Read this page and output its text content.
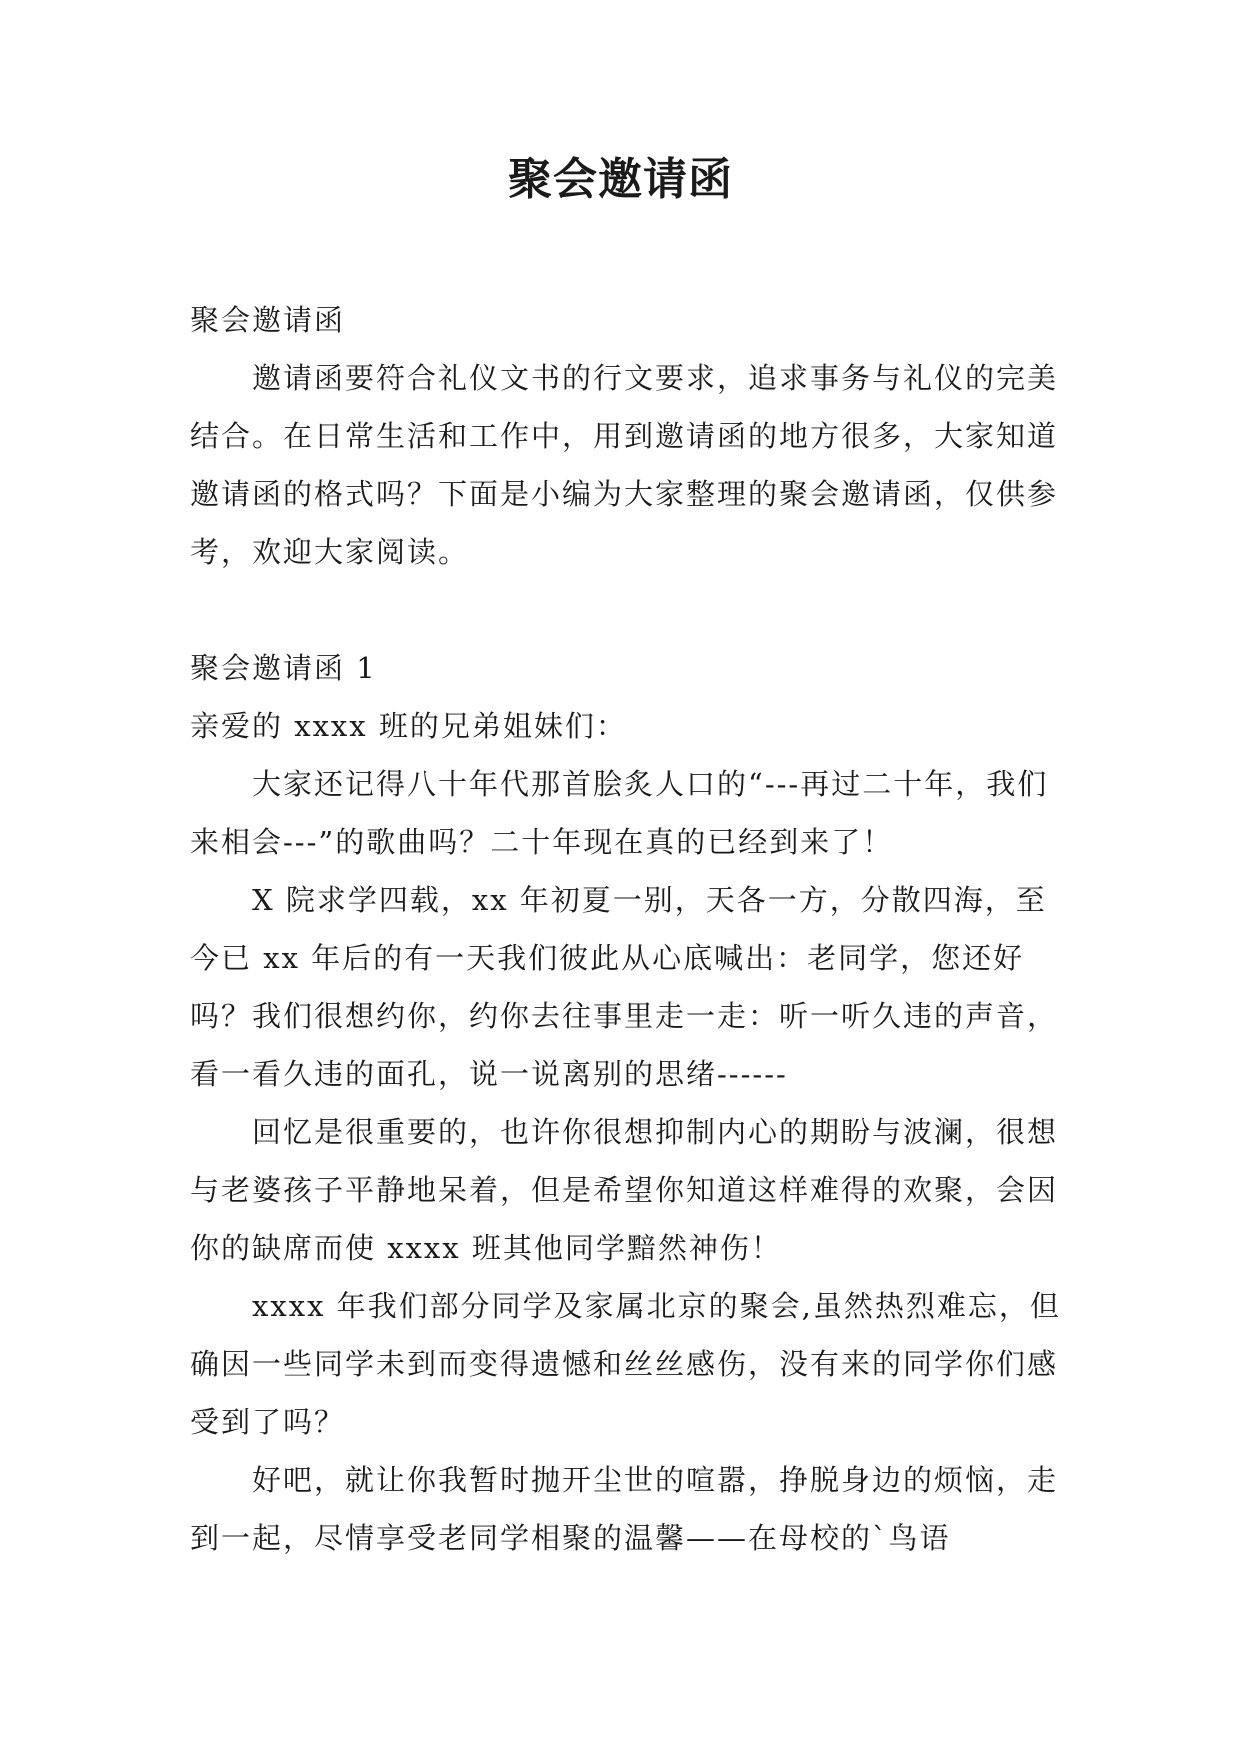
聚会邀请函

聚会邀请函

邀请函要符合礼仪文书的行文要求，追求事务与礼仪的完美结合。在日常生活和工作中，用到邀请函的地方很多，大家知道邀请函的格式吗？下面是小编为大家整理的聚会邀请函，仅供参考，欢迎大家阅读。

聚会邀请函 1

亲爱的 xxxx 班的兄弟姐妹们：

大家还记得八十年代那首脍炙人口的“---再过二十年，我们来相会---”的歌曲吗？二十年现在真的已经到来了！

X 院求学四载，xx 年初夏一别，天各一方，分散四海，至今已 xx 年后的有一天我们彼此从心底喊出：老同学，您还好吗？我们很想约你，约你去往事里走一走：听一听久违的声音，看一看久违的面孔，说一说离别的思绪------

回忆是很重要的，也许你很想抑制内心的期盼与波澜，很想与老婆孩子平静地呆着，但是希望你知道这样难得的欢聚，会因你的缺席而使 xxxx 班其他同学黯然神伤！

xxxx 年我们部分同学及家属北京的聚会,虽然热烈难忘，但确因一些同学未到而变得遗憾和丝丝感伤，没有来的同学你们感受到了吗？

好吧，就让你我暂时抛开尘世的喧嚣，挣脱身边的烦恼，走到一起，尽情享受老同学相聚的温馨——在母校的`鸟语
